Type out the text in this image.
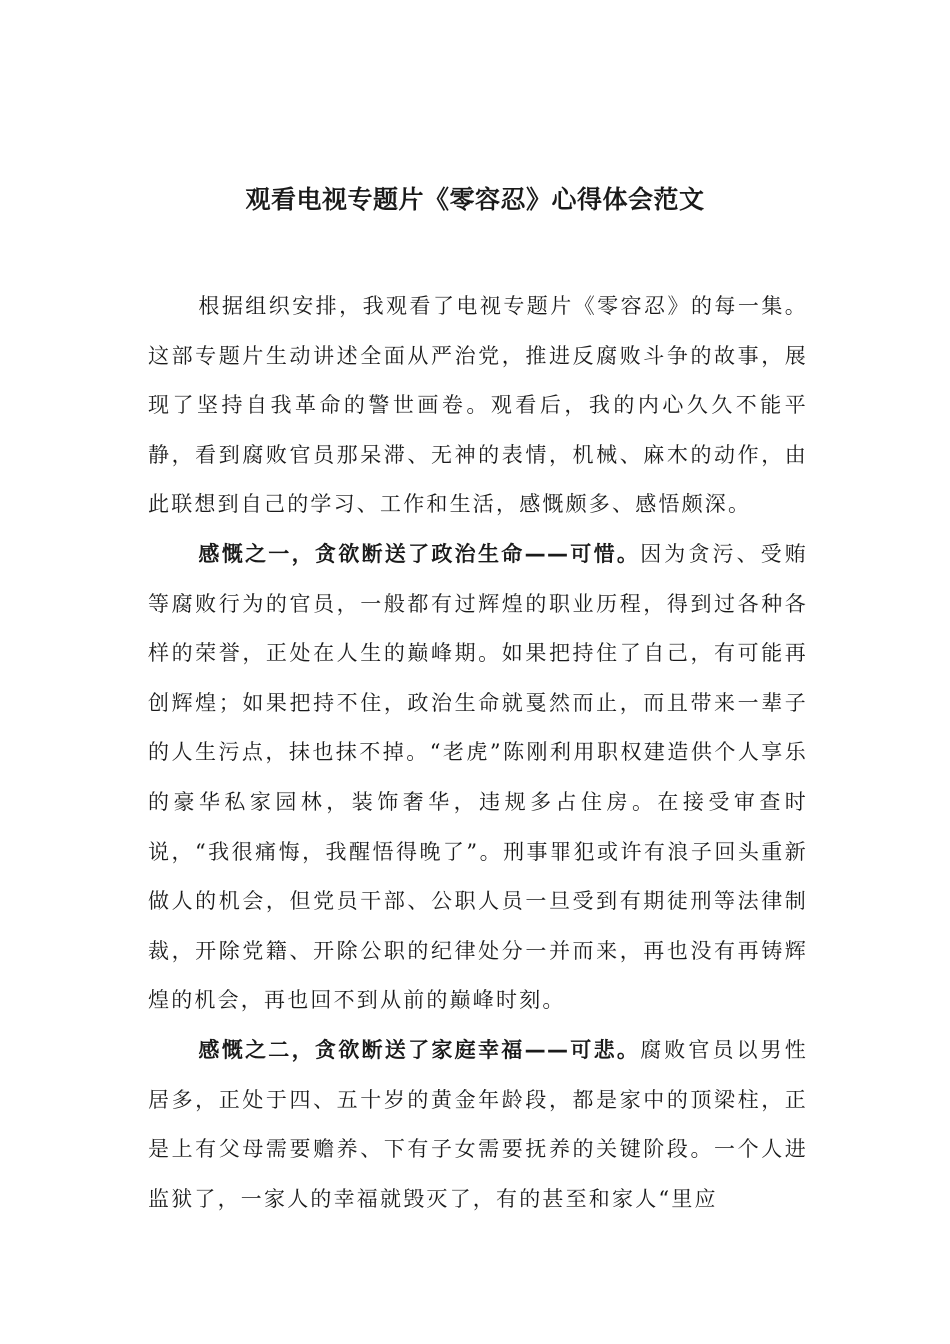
观看电视专题片《零容忍》心得体会范文

根据组织安排，我观看了电视专题片《零容忍》的每一集。这部专题片生动讲述全面从严治党，推进反腐败斗争的故事，展现了坚持自我革命的警世画卷。观看后，我的内心久久不能平静，看到腐败官员那呆滞、无神的表情，机械、麻木的动作，由此联想到自己的学习、工作和生活，感慨颇多、感悟颇深。

感慨之一，贪欲断送了政治生命——可惜。因为贪污、受贿等腐败行为的官员，一般都有过辉煌的职业历程，得到过各种各样的荣誉，正处在人生的巅峰期。如果把持住了自己，有可能再创辉煌；如果把持不住，政治生命就戛然而止，而且带来一辈子的人生污点，抹也抹不掉。“老虎”陈刚利用职权建造供个人享乐的豪华私家园林，装饰奢华，违规多占住房。在接受审查时说，“我很痛悔，我醒悟得晚了”。刑事罪犯或许有浪子回头重新做人的机会，但党员干部、公职人员一旦受到有期徒刑等法律制裁，开除党籍、开除公职的纪律处分一并而来，再也没有再铸辉煌的机会，再也回不到从前的巅峰时刻。

感慨之二，贪欲断送了家庭幸福——可悲。腐败官员以男性居多，正处于四、五十岁的黄金年龄段，都是家中的顶梁柱，正是上有父母需要赡养、下有子女需要抚养的关键阶段。一个人进监狱了，一家人的幸福就毁灭了，有的甚至和家人“里应
